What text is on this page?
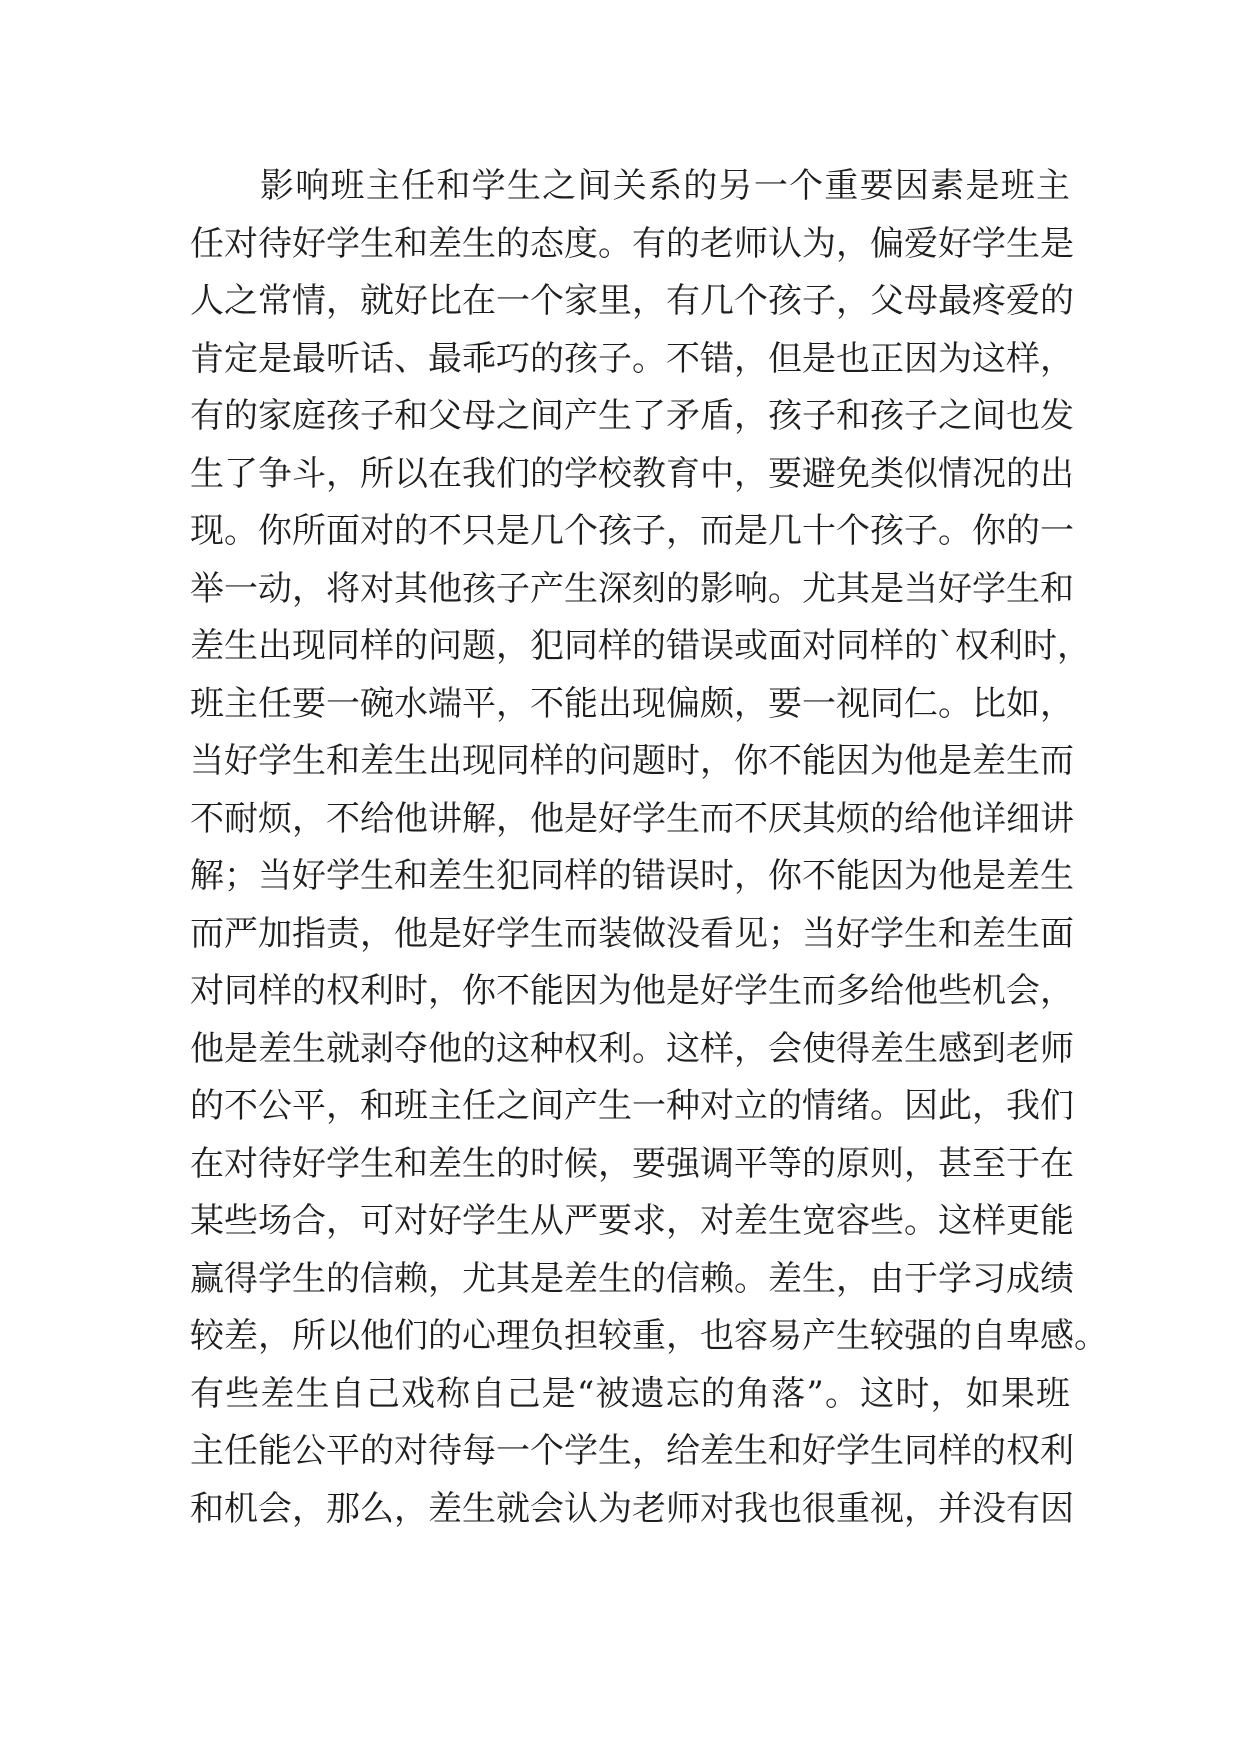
影响班主任和学生之间关系的另一个重要因素是班主
任对待好学生和差生的态度。有的老师认为，偏爱好学生是
人之常情，就好比在一个家里，有几个孩子，父母最疼爱的
肯定是最听话、最乖巧的孩子。不错，但是也正因为这样，
有的家庭孩子和父母之间产生了矛盾，孩子和孩子之间也发
生了争斗，所以在我们的学校教育中，要避免类似情况的出
现。你所面对的不只是几个孩子，而是几十个孩子。你的一
举一动，将对其他孩子产生深刻的影响。尤其是当好学生和
差生出现同样的问题，犯同样的错误或面对同样的`权利时，
班主任要一碗水端平，不能出现偏颇，要一视同仁。比如，
当好学生和差生出现同样的问题时，你不能因为他是差生而
不耐烦，不给他讲解，他是好学生而不厌其烦的给他详细讲
解；当好学生和差生犯同样的错误时，你不能因为他是差生
而严加指责，他是好学生而装做没看见；当好学生和差生面
对同样的权利时，你不能因为他是好学生而多给他些机会，
他是差生就剥夺他的这种权利。这样，会使得差生感到老师
的不公平，和班主任之间产生一种对立的情绪。因此，我们
在对待好学生和差生的时候，要强调平等的原则，甚至于在
某些场合，可对好学生从严要求，对差生宽容些。这样更能
赢得学生的信赖，尤其是差生的信赖。差生，由于学习成绩
较差，所以他们的心理负担较重，也容易产生较强的自卑感。
有些差生自己戏称自己是“被遗忘的角落”。这时，如果班
主任能公平的对待每一个学生，给差生和好学生同样的权利
和机会，那么，差生就会认为老师对我也很重视，并没有因
